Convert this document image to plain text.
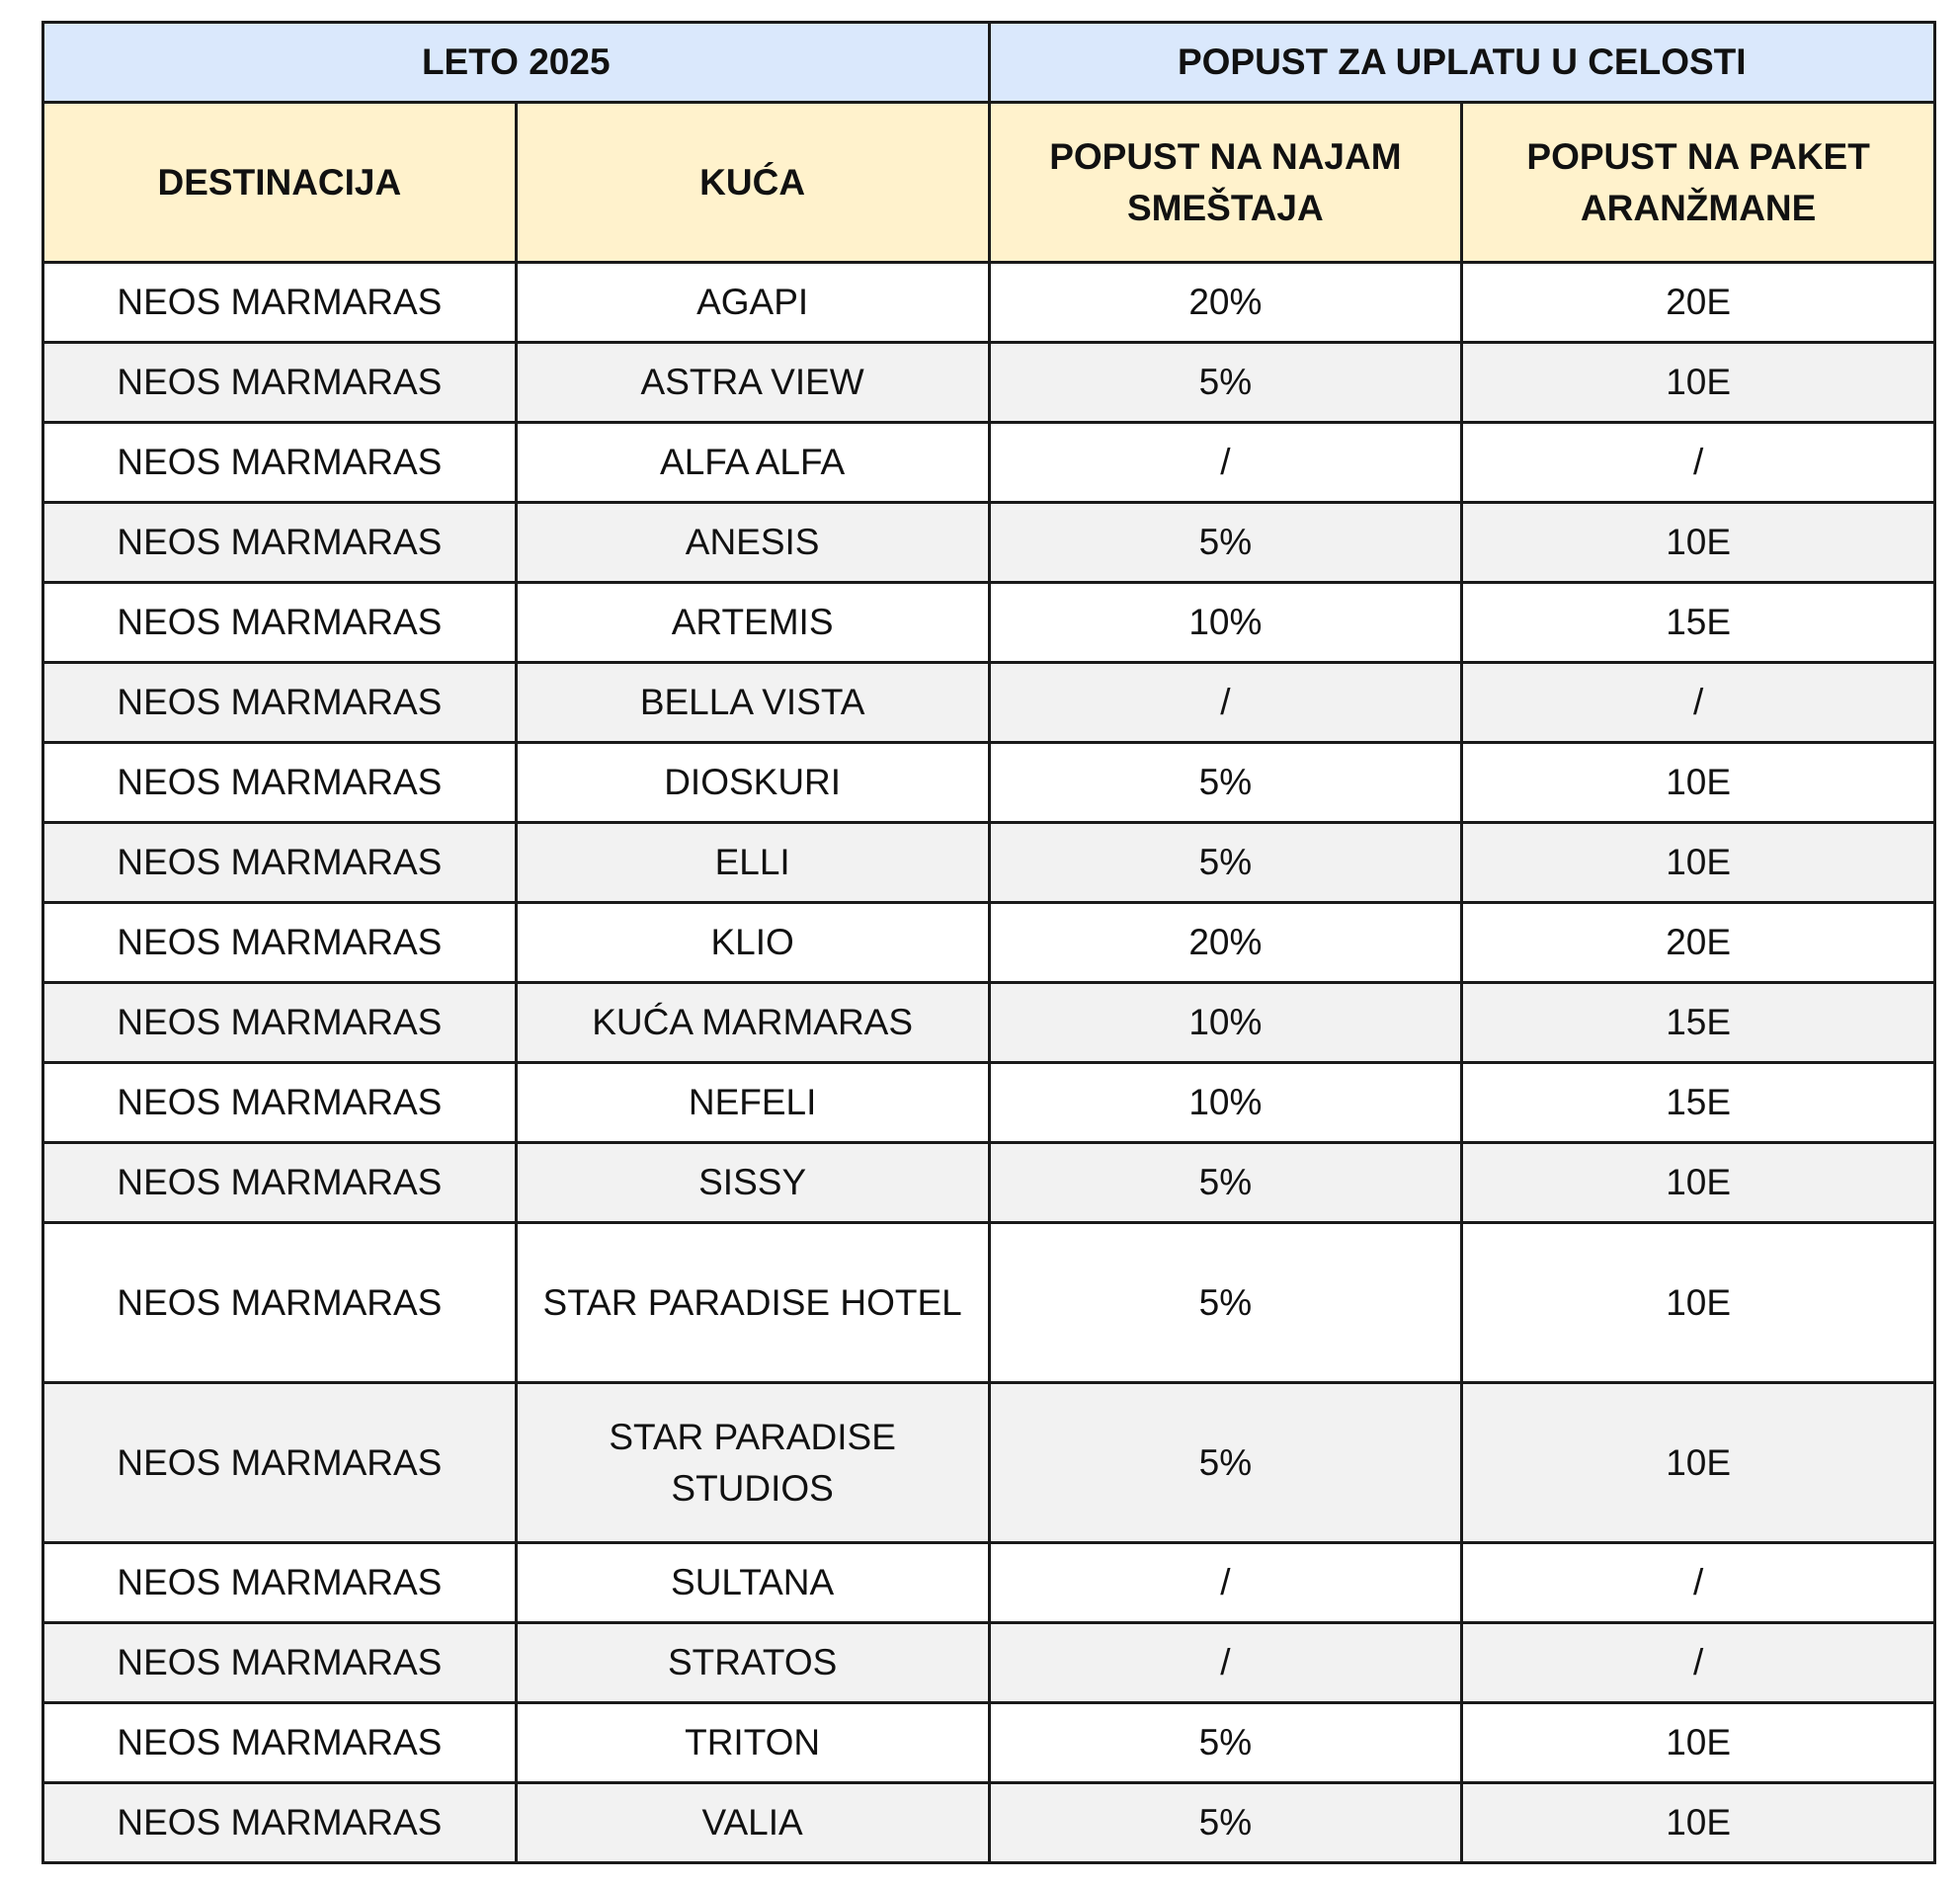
LETO 2025		POPUST ZA UPLATU U CELOSTI	
DESTINACIJA	KUĆA	POPUST NA NAJAM SMEŠTAJA	POPUST NA PAKET ARANŽMANE
NEOS MARMARAS	AGAPI	20%	20E
NEOS MARMARAS	ASTRA VIEW	5%	10E
NEOS MARMARAS	ALFA ALFA	/	/
NEOS MARMARAS	ANESIS	5%	10E
NEOS MARMARAS	ARTEMIS	10%	15E
NEOS MARMARAS	BELLA VISTA	/	/
NEOS MARMARAS	DIOSKURI	5%	10E
NEOS MARMARAS	ELLI	5%	10E
NEOS MARMARAS	KLIO	20%	20E
NEOS MARMARAS	KUĆA MARMARAS	10%	15E
NEOS MARMARAS	NEFELI	10%	15E
NEOS MARMARAS	SISSY	5%	10E
NEOS MARMARAS	STAR PARADISE HOTEL	5%	10E
NEOS MARMARAS	STAR PARADISE STUDIOS	5%	10E
NEOS MARMARAS	SULTANA	/	/
NEOS MARMARAS	STRATOS	/	/
NEOS MARMARAS	TRITON	5%	10E
NEOS MARMARAS	VALIA	5%	10E
